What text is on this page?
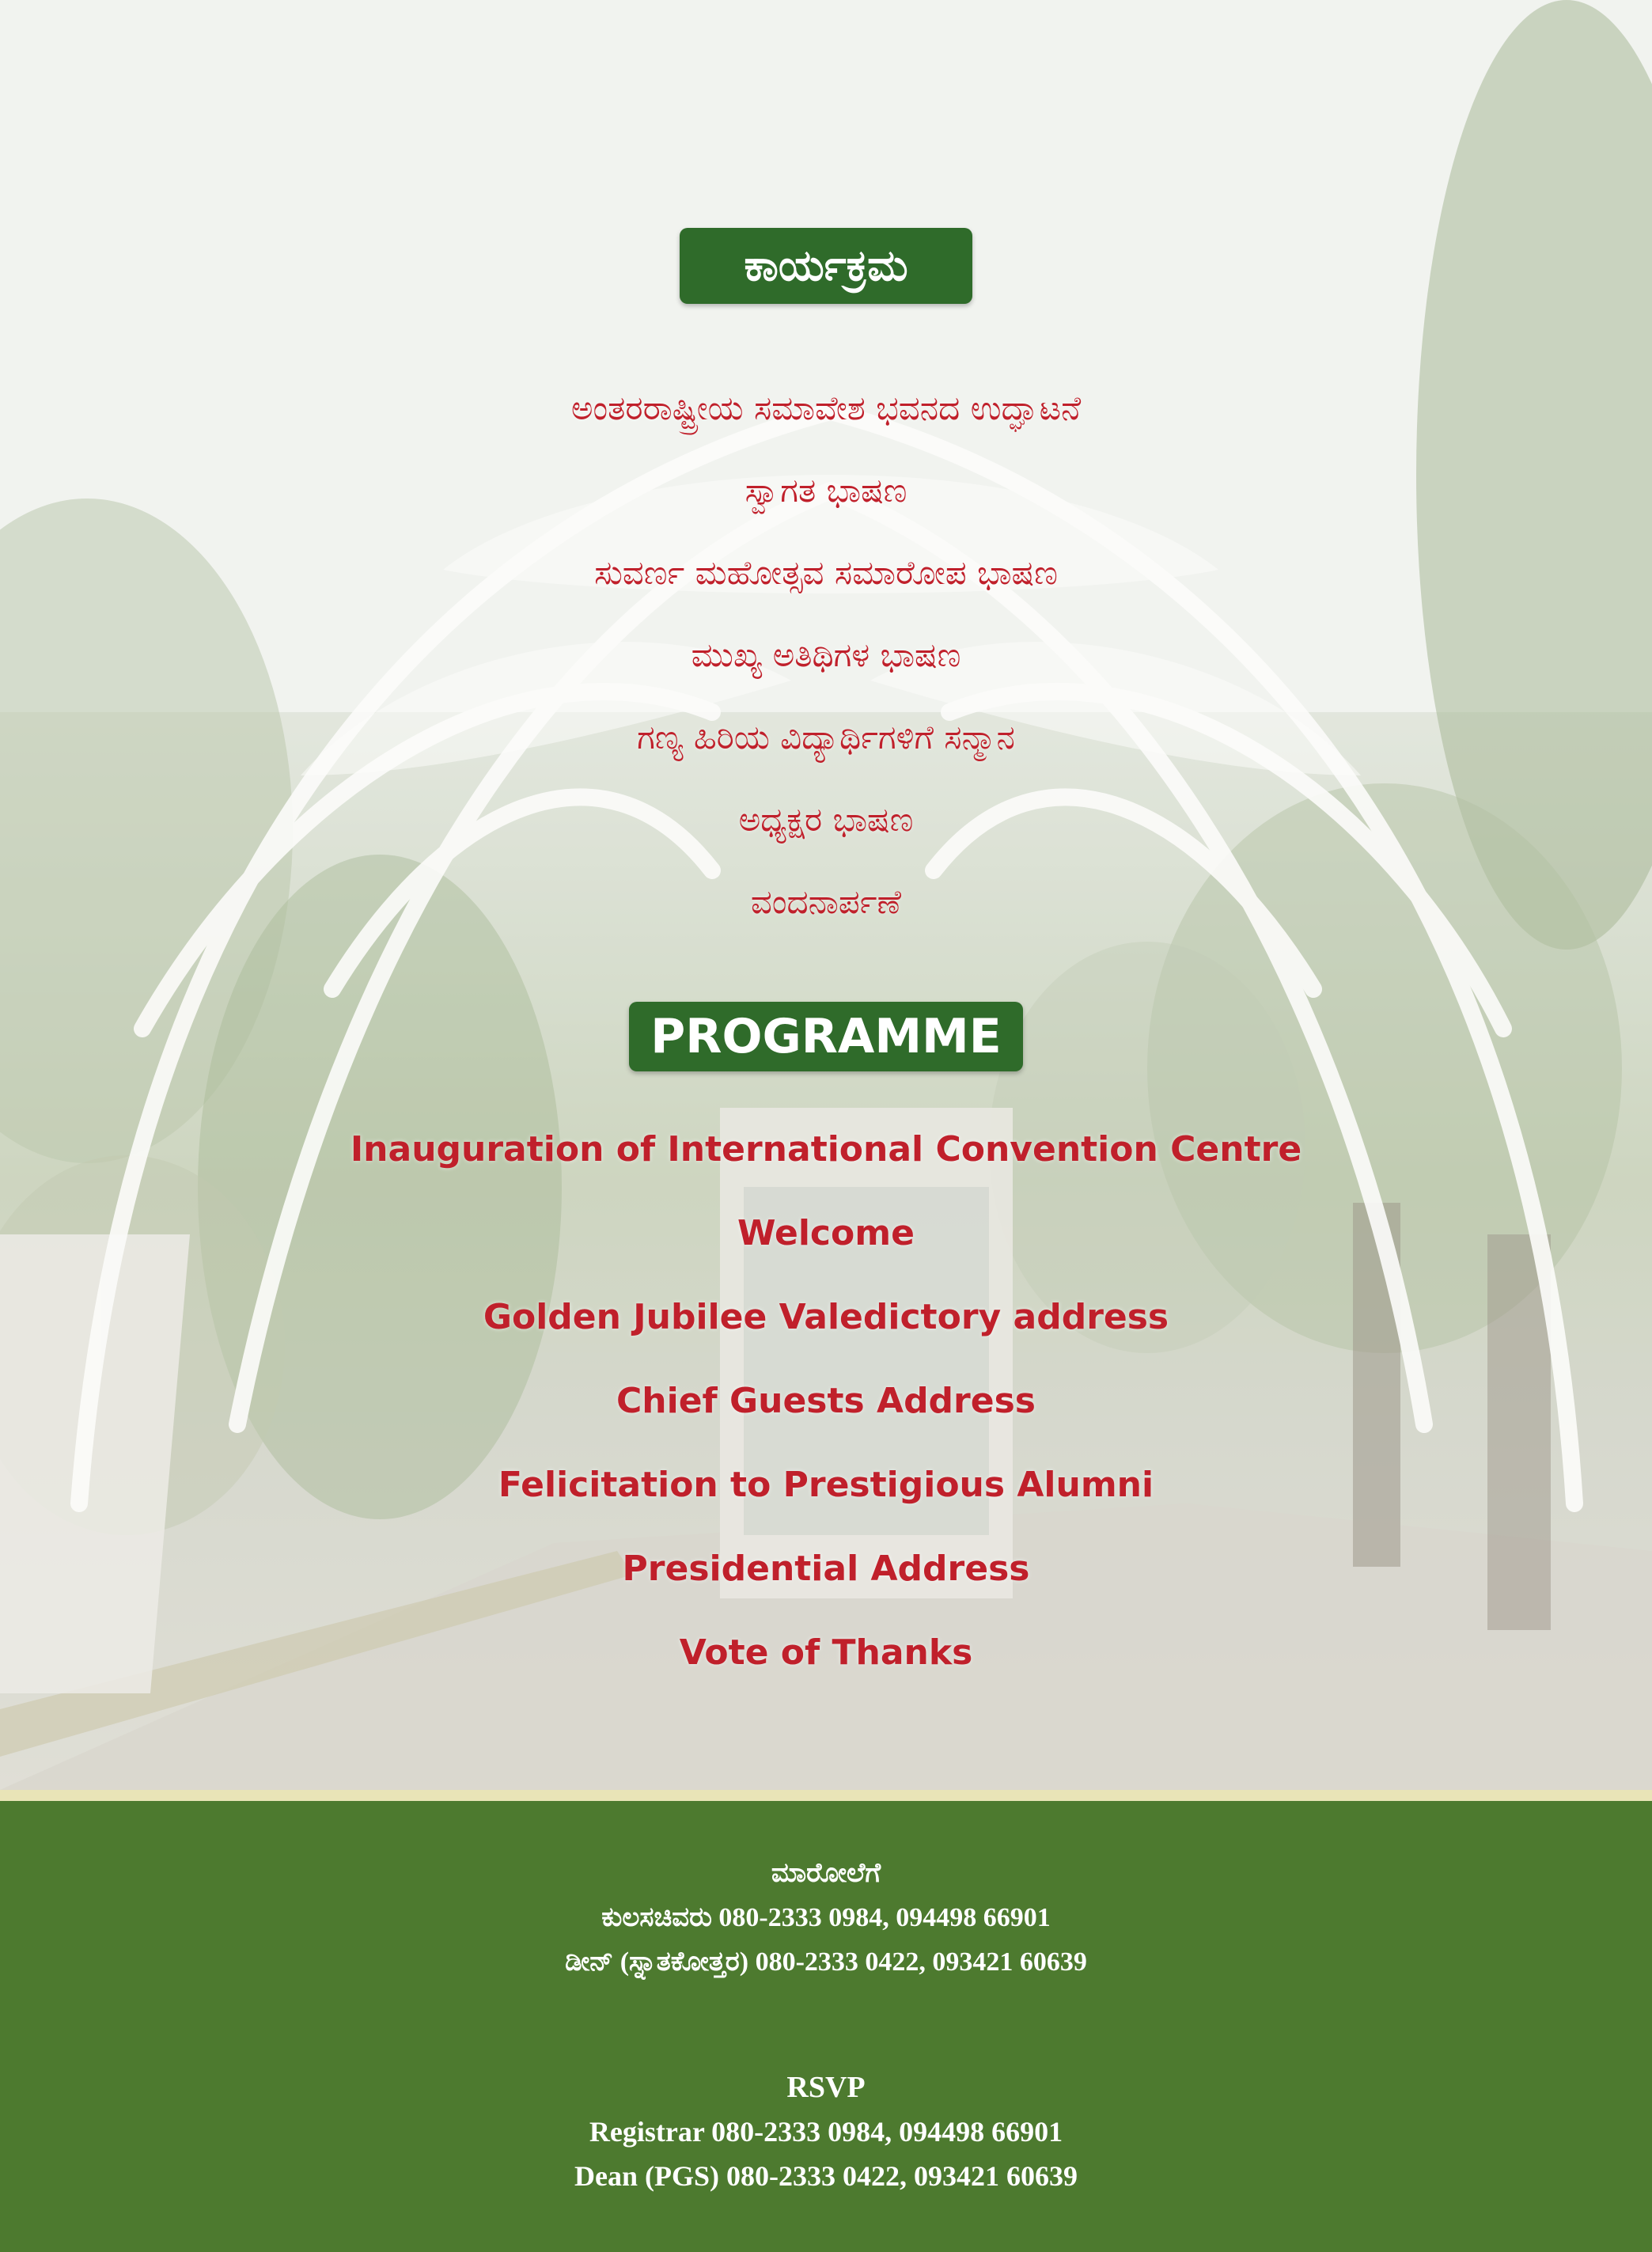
ಕಾರ್ಯಕ್ರಮ
ಅಂತರರಾಷ್ಟ್ರೀಯ ಸಮಾವೇಶ ಭವನದ ಉದ್ಘಾಟನೆ
ಸ್ವಾಗತ ಭಾಷಣ
ಸುವರ್ಣ ಮಹೋತ್ಸವ ಸಮಾರೋಪ ಭಾಷಣ
ಮುಖ್ಯ ಅತಿಥಿಗಳ ಭಾಷಣ
ಗಣ್ಯ ಹಿರಿಯ ವಿದ್ಯಾರ್ಥಿಗಳಿಗೆ ಸನ್ಮಾನ
ಅಧ್ಯಕ್ಷರ ಭಾಷಣ
ವಂದನಾರ್ಪಣೆ
PROGRAMME
Inauguration of International Convention Centre
Welcome
Golden Jubilee Valedictory address
Chief Guests Address
Felicitation to Prestigious Alumni
Presidential Address
Vote of Thanks
ಮಾರೋಲೆಗೆ
ಕುಲಸಚಿವರು 080-2333 0984, 094498 66901
ಡೀನ್ (ಸ್ನಾತಕೋತ್ತರ) 080-2333 0422, 093421 60639
RSVP
Registrar 080-2333 0984, 094498 66901
Dean (PGS) 080-2333 0422, 093421 60639
